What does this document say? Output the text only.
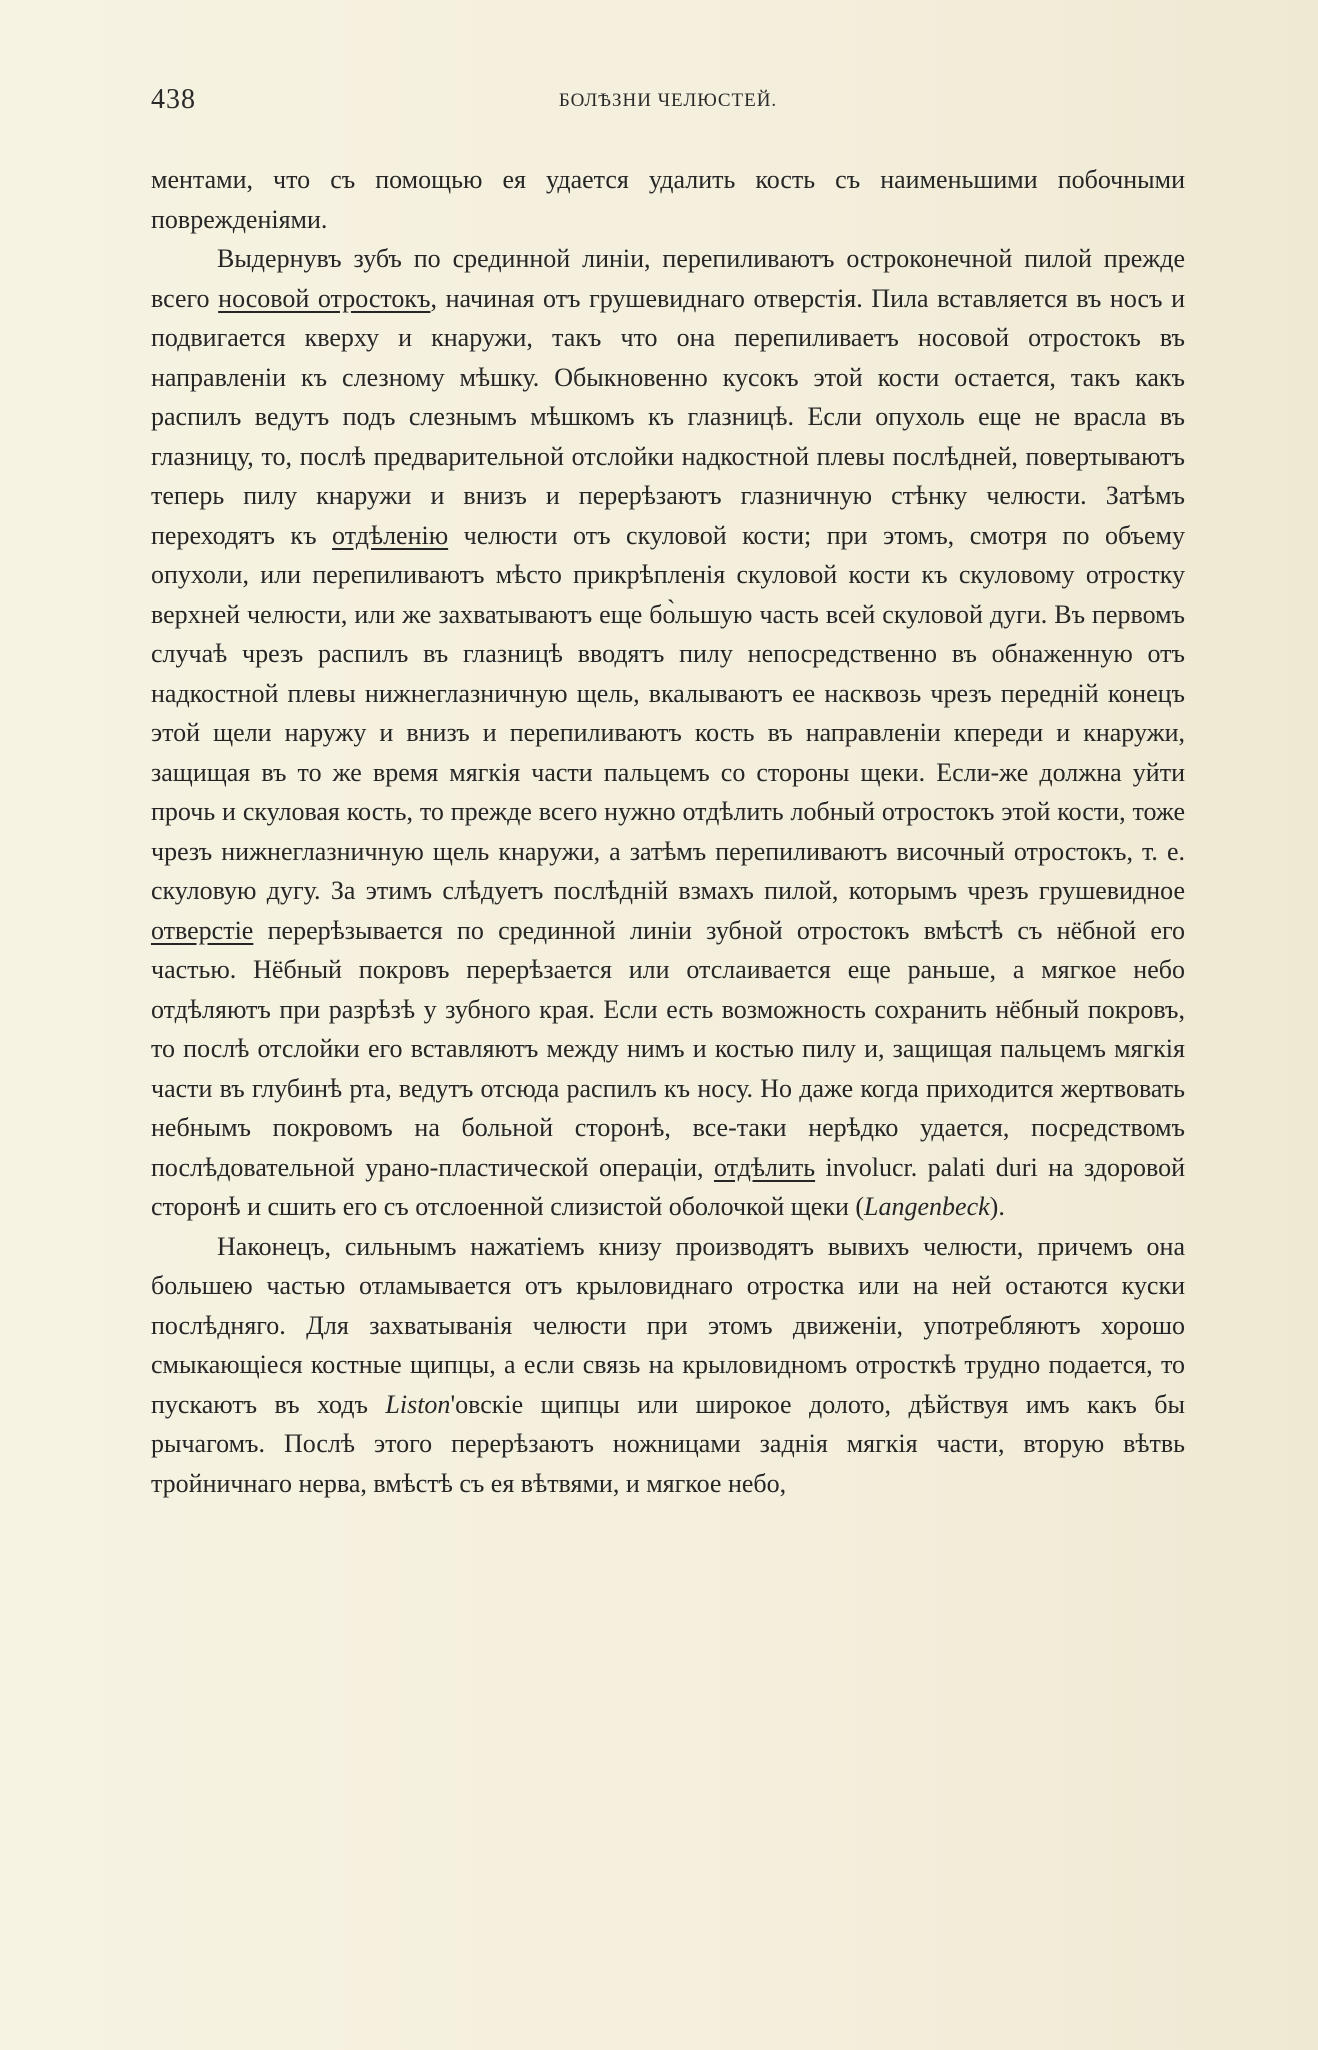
438	БОЛѢЗНИ ЧЕЛЮСТЕЙ.

ментами, что съ помощью ея удается удалить кость съ наименьшими побочными поврежденіями.

Выдернувъ зубъ по срединной линіи, перепиливаютъ остроконечной пилой прежде всего носовой отростокъ, начиная отъ грушевиднаго отверстія. Пила вставляется въ носъ и подвигается кверху и кнаружи, такъ что она перепиливаетъ носовой отростокъ въ направленіи къ слезному мѣшку. Обыкновенно кусокъ этой кости остается, такъ какъ распилъ ведутъ подъ слезнымъ мѣшкомъ къ глазницѣ. Если опухоль еще не врасла въ глазницу, то, послѣ предварительной отслойки надкостной плевы послѣдней, повертываютъ теперь пилу кнаружи и внизъ и перерѣзаютъ глазничную стѣнку челюсти. Затѣмъ переходятъ къ отдѣленію челюсти отъ скуловой кости; при этомъ, смотря по объему опухоли, или перепиливаютъ мѣсто прикрѣпленія скуловой кости къ скуловому отростку верхней челюсти, или же захватываютъ еще бо̀льшую часть всей скуловой дуги. Въ первомъ случаѣ чрезъ распилъ въ глазницѣ вводятъ пилу непосредственно въ обнаженную отъ надкостной плевы нижнеглазничную щель, вкалываютъ ее насквозь чрезъ передній конецъ этой щели наружу и внизъ и перепиливаютъ кость въ направленіи кпереди и кнаружи, защищая въ то же время мягкія части пальцемъ со стороны щеки. Если-же должна уйти прочь и скуловая кость, то прежде всего нужно отдѣлить лобный отростокъ этой кости, тоже чрезъ нижнеглазничную щель кнаружи, а затѣмъ перепиливаютъ височный отростокъ, т. е. скуловую дугу. За этимъ слѣдуетъ послѣдній взмахъ пилой, которымъ чрезъ грушевидное отверстіе перерѣзывается по срединной линіи зубной отростокъ вмѣстѣ съ нёбной его частью. Нёбный покровъ перерѣзается или отслаивается еще раньше, а мягкое небо отдѣляютъ при разрѣзѣ у зубного края. Если есть возможность сохранить нёбный покровъ, то послѣ отслойки его вставляютъ между нимъ и костью пилу и, защищая пальцемъ мягкія части въ глубинѣ рта, ведутъ отсюда распилъ къ носу. Но даже когда приходится жертвовать небнымъ покровомъ на больной сторонѣ, все-таки нерѣдко удается, посредствомъ послѣдовательной урано-пластической операціи, отдѣлить involucr. palati duri на здоровой сторонѣ и сшить его съ отслоенной слизистой оболочкой щеки (Langenbeck).

Наконецъ, сильнымъ нажатіемъ книзу производятъ вывихъ челюсти, причемъ она большею частью отламывается отъ крыловиднаго отростка или на ней остаются куски послѣдняго. Для захватыванія челюсти при этомъ движеніи, употребляютъ хорошо смыкающіеся костные щипцы, а если связь на крыловидномъ отросткѣ трудно подается, то пускаютъ въ ходъ Liston'овскіе щипцы или широкое долото, дѣйствуя имъ какъ бы рычагомъ. Послѣ этого перерѣзаютъ ножницами заднія мягкія части, вторую вѣтвь тройничнаго нерва, вмѣстѣ съ ея вѣтвями, и мягкое небо,
